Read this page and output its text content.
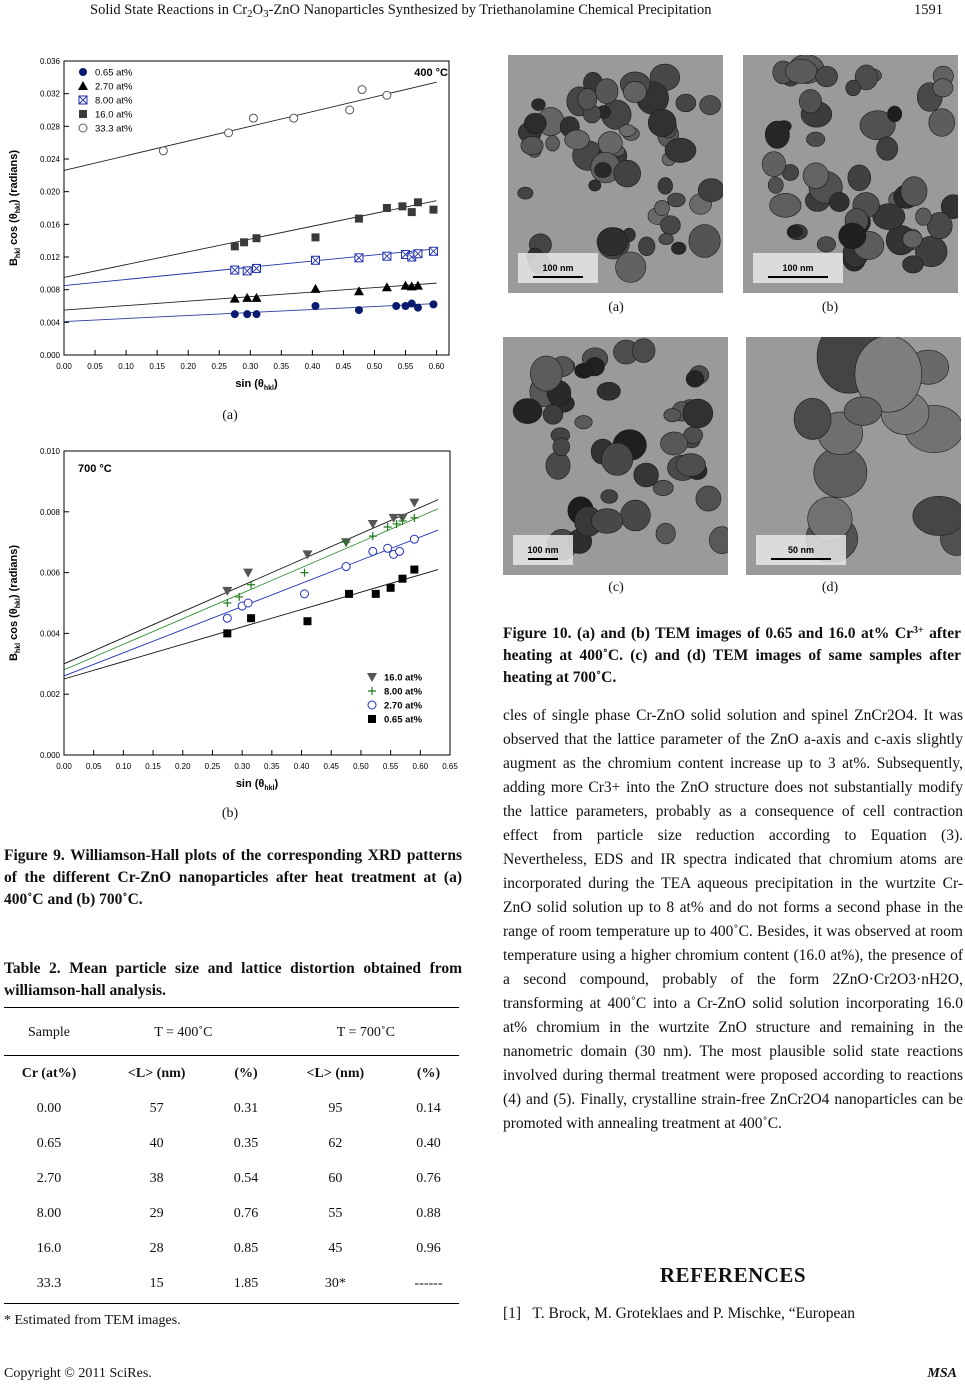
Solid State Reactions in $Cr_2O_3$-ZnO Nanoparticles Synthesized by Triethanolamine Chemical Precipitation	1591
0.00 0.05 0.10 0.15 0.20 0.25 0.30 0.35 0.40 0.45 0.50 0.55 0.60
0.000
0.004
0.008
0.012
0.016
0.020
0.024
0.028
0.032
0.036
$\sin (\theta_{hkl})$
$B_{hkl}$ $\cos (\theta_{hkl})$ (radians)
400 °C
0.65 at%
2.70 at%
8.00 at%
16.0 at%
33.3 at%
(a)
0.00 0.05 0.10 0.15 0.20 0.25 0.30 0.35 0.40 0.45 0.50 0.55 0.60 0.65
0.000
0.002
0.004
0.006
0.008
0.010
$\sin (\theta_{hkl})$
$B_{hkl}$ $\cos (\theta_{hkl})$ (radians)
700 °C
16.0 at%
8.00 at%
2.70 at%
0.65 at%
(b)
Figure 9. Williamson-Hall plots of the corresponding XRD patterns of the different Cr-ZnO nanoparticles after heat treatment at (a) 400˚C and (b) 700˚C.
Table 2. Mean particle size and lattice distortion obtained from williamson-hall analysis.
Sample	T = 400˚C		T = 700˚C	
Cr (at%)	<L> (nm)	(%)	<L> (nm)	(%)
0.00	57	0.31	95	0.14
0.65	40	0.35	62	0.40
2.70	38	0.54	60	0.76
8.00	29	0.76	55	0.88
16.0	28	0.85	45	0.96
33.3	15	1.85	30*	------
* Estimated from TEM images.
100 nm	100 nm
100 nm	50 nm
(a)	(b)
(c)	(d)
Figure 10. (a) and (b) TEM images of 0.65 and 16.0 at% $Cr^{3+}$ after heating at 400˚C. (c) and (d) TEM images of same samples after heating at 700˚C.
cles of single phase Cr-ZnO solid solution and spinel ZnCr2O4. It was observed that the lattice parameter of the ZnO a-axis and c-axis slightly augment as the chromium content increase up to 3 at%. Subsequently, adding more Cr3+ into the ZnO structure does not substantially modify the lattice parameters, probably as a consequence of cell contraction effect from particle size reduction according to Equation (3). Nevertheless, EDS and IR spectra indicated that chromium atoms are incorporated during the TEA aqueous precipitation in the wurtzite Cr-ZnO solid solution up to 8 at% and do not forms a second phase in the range of room temperature up to 400˚C. Besides, it was observed at room temperature using a higher chromium content (16.0 at%), the presence of a second compound, probably of the form 2ZnO·Cr2O3·nH2O, transforming at 400˚C into a Cr-ZnO solid solution incorporating 16.0 at% chromium in the wurtzite ZnO structure and remaining in the nanometric domain (30 nm). The most plausible solid state reactions involved during thermal treatment were proposed according to reactions (4) and (5). Finally, crystalline strain-free ZnCr2O4 nanoparticles can be promoted with annealing treatment at 400˚C.
REFERENCES
[1]   T. Brock, M. Groteklaes and P. Mischke, “European
Copyright © 2011 SciRes.	MSA
